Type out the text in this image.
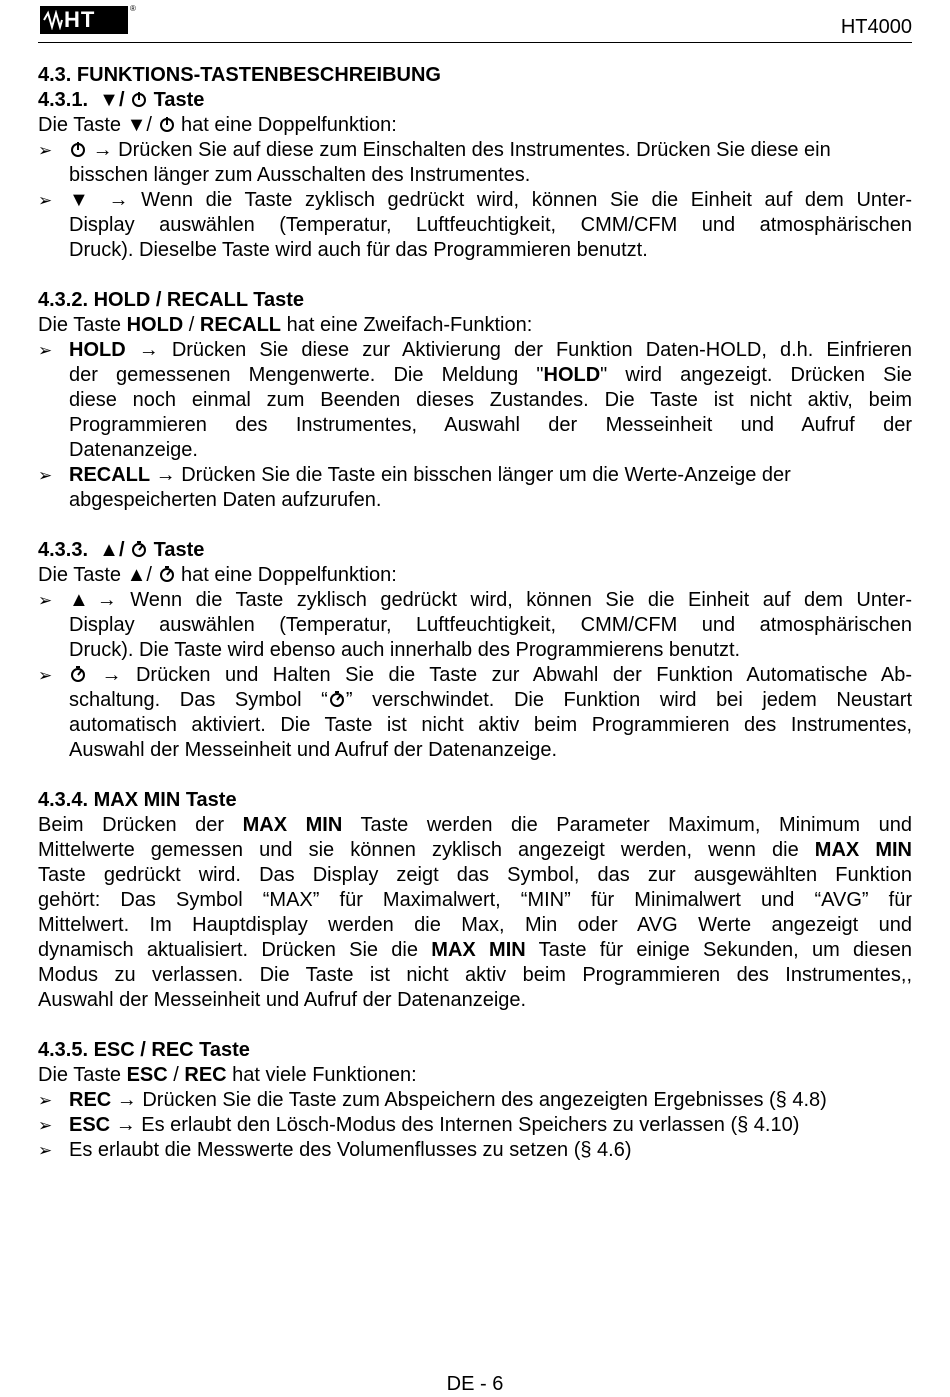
HT	®
HT4000

4.3. FUNKTIONS-TASTENBESCHREIBUNG

4.3.1. ▼/ Taste

Die Taste ▼/  hat eine Doppelfunktion:

➢	→ Drücken Sie auf diese zum Einschalten des Instrumentes. Drücken Sie diese ein

bisschen länger zum Ausschalten des Instrumentes.

➢ ▼ → Wenn die Taste zyklisch gedrückt wird, können Sie die Einheit auf dem Unter-

Display auswählen (Temperatur, Luftfeuchtigkeit, CMM/CFM und atmosphärischen

Druck). Dieselbe Taste wird auch für das Programmieren benutzt.

4.3.2. HOLD / RECALL Taste

Die Taste HOLD / RECALL hat eine Zweifach-Funktion:

➢ HOLD → Drücken Sie diese zur Aktivierung der Funktion Daten-HOLD, d.h. Einfrieren

der gemessenen Mengenwerte. Die Meldung "HOLD" wird angezeigt. Drücken Sie

diese noch einmal zum Beenden dieses Zustandes. Die Taste ist nicht aktiv, beim

Programmieren des Instrumentes, Auswahl der Messeinheit und Aufruf der

Datenanzeige.

➢ RECALL → Drücken Sie die Taste ein bisschen länger um die Werte-Anzeige der

abgespeicherten Daten aufzurufen.

4.3.3. ▲/ Taste

Die Taste ▲/  hat eine Doppelfunktion:

➢ ▲→ Wenn die Taste zyklisch gedrückt wird, können Sie die Einheit auf dem Unter-

Display auswählen (Temperatur, Luftfeuchtigkeit, CMM/CFM und atmosphärischen

Druck). Die Taste wird ebenso auch innerhalb des Programmierens benutzt.

➢	→ Drücken und Halten Sie die Taste zur Abwahl der Funktion Automatische Ab-

schaltung. Das Symbol “ ” verschwindet. Die Funktion wird bei jedem Neustart

automatisch aktiviert. Die Taste ist nicht aktiv beim Programmieren des Instrumentes,

Auswahl der Messeinheit und Aufruf der Datenanzeige.

4.3.4. MAX MIN Taste

Beim Drücken der MAX MIN Taste werden die Parameter Maximum, Minimum und

Mittelwerte gemessen und sie können zyklisch angezeigt werden, wenn die MAX MIN

Taste gedrückt wird. Das Display zeigt das Symbol, das zur ausgewählten Funktion

gehört: Das Symbol “MAX” für Maximalwert, “MIN” für Minimalwert und “AVG” für

Mittelwert. Im Hauptdisplay werden die Max, Min oder AVG Werte angezeigt und

dynamisch aktualisiert. Drücken Sie die MAX MIN Taste für einige Sekunden, um diesen

Modus zu verlassen. Die Taste ist nicht aktiv beim Programmieren des Instrumentes,,

Auswahl der Messeinheit und Aufruf der Datenanzeige.

4.3.5. ESC / REC Taste

Die Taste ESC / REC hat viele Funktionen:

➢ REC → Drücken Sie die Taste zum Abspeichern des angezeigten Ergebnisses (§ 4.8)

➢ ESC → Es erlaubt den Lösch-Modus des Internen Speichers zu verlassen (§ 4.10)

➢ Es erlaubt die Messwerte des Volumenflusses zu setzen (§ 4.6)

DE - 6
